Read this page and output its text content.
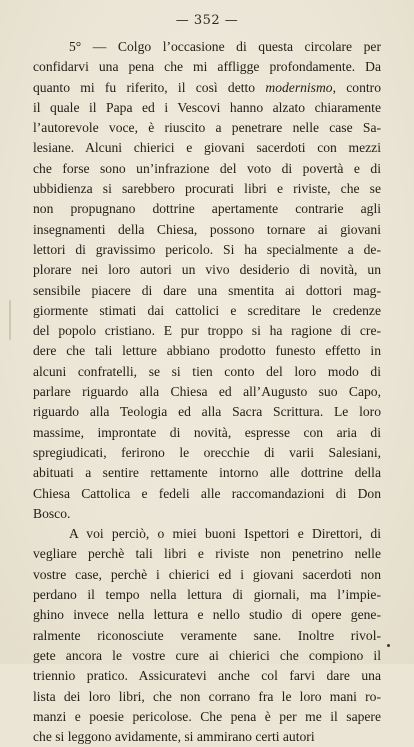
— 352 —
5° — Colgo l’occasione di questa circolare per
confidarvi una pena che mi affligge profondamente. Da
quanto mi fu riferito, il così detto modernismo, contro
il quale il Papa ed i Vescovi hanno alzato chiaramente
l’autorevole voce, è riuscito a penetrare nelle case Sa-
lesiane. Alcuni chierici e giovani sacerdoti con mezzi
che forse sono un’infrazione del voto di povertà e di
ubbidienza si sarebbero procurati libri e riviste, che se
non propugnano dottrine apertamente contrarie agli
insegnamenti della Chiesa, possono tornare ai giovani
lettori di gravissimo pericolo. Si ha specialmente a de-
plorare nei loro autori un vivo desiderio di novità, un
sensibile piacere di dare una smentita ai dottori mag-
giormente stimati dai cattolici e screditare le credenze
del popolo cristiano. E pur troppo si ha ragione di cre-
dere che tali letture abbiano prodotto funesto effetto in
alcuni confratelli, se si tien conto del loro modo di
parlare riguardo alla Chiesa ed all’Augusto suo Capo,
riguardo alla Teologia ed alla Sacra Scrittura. Le loro
massime, improntate di novità, espresse con aria di
spregiudicati, ferirono le orecchie di varii Salesiani,
abituati a sentire rettamente intorno alle dottrine della
Chiesa Cattolica e fedeli alle raccomandazioni di Don
Bosco.
A voi perciò, o miei buoni Ispettori e Direttori, di
vegliare perchè tali libri e riviste non penetrino nelle
vostre case, perchè i chierici ed i giovani sacerdoti non
perdano il tempo nella lettura di giornali, ma l’impie-
ghino invece nella lettura e nello studio di opere gene-
ralmente riconosciute veramente sane. Inoltre rivol-
gete ancora le vostre cure ai chierici che compiono il
triennio pratico. Assicuratevi anche col farvi dare una
lista dei loro libri, che non corrano fra le loro mani ro-
manzi e poesie pericolose. Che pena è per me il sapere
che si leggono avidamente, si ammirano certi autori
